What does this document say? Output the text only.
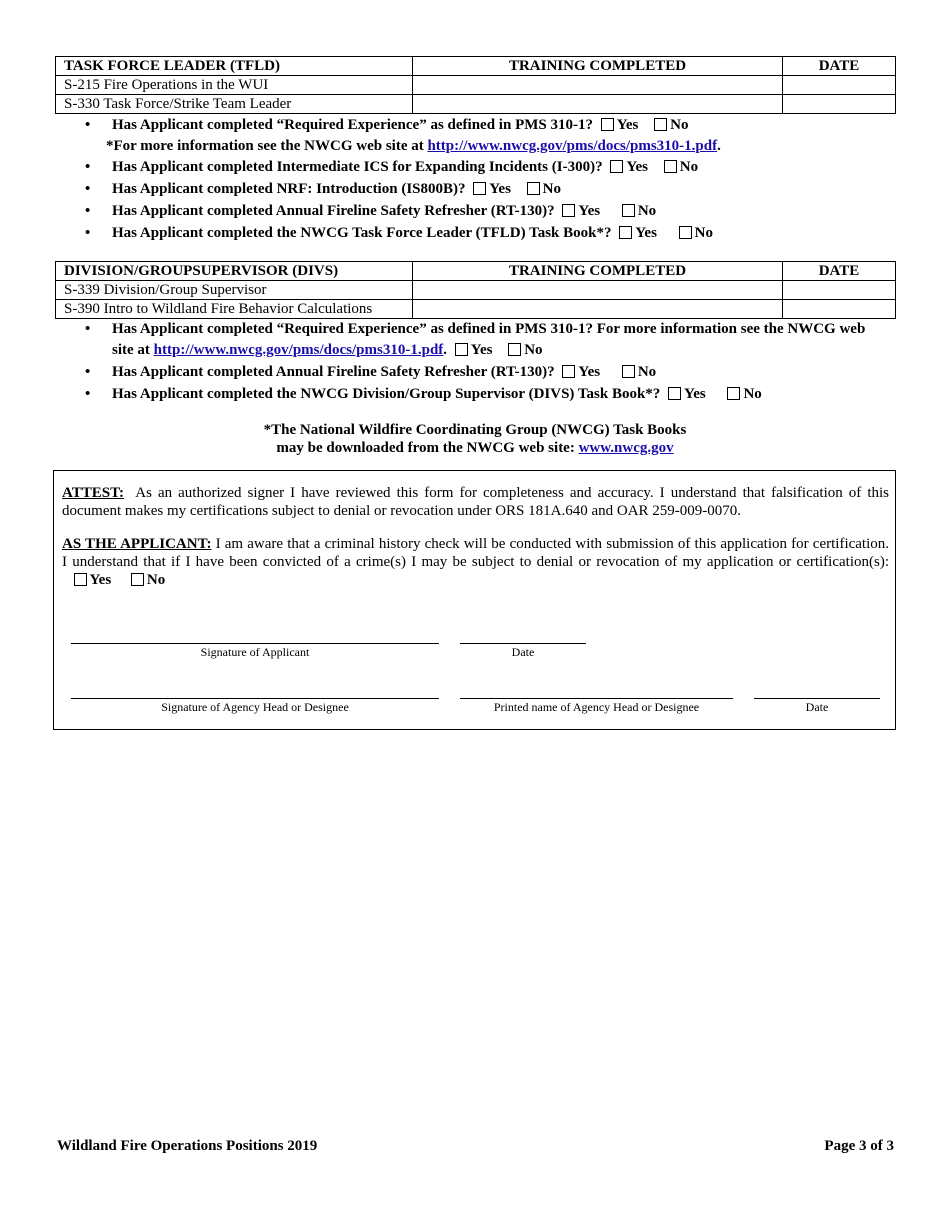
TASK FORCE LEADER (TFLD)	TRAINING COMPLETED	DATE
S-215 Fire Operations in the WUI		
S-330 Task Force/Strike Team Leader		
• Has Applicant completed “Required Experience” as defined in PMS 310-1? Yes No
*For more information see the NWCG web site at http://www.nwcg.gov/pms/docs/pms310-1.pdf.
• Has Applicant completed Intermediate ICS for Expanding Incidents (I-300)? Yes No
• Has Applicant completed NRF: Introduction (IS800B)? Yes No
• Has Applicant completed Annual Fireline Safety Refresher (RT-130)? Yes	No
• Has Applicant completed the NWCG Task Force Leader (TFLD) Task Book*? Yes	No
DIVISION/GROUPSUPERVISOR (DIVS)	TRAINING COMPLETED	DATE
S-339 Division/Group Supervisor		
S-390 Intro to Wildland Fire Behavior Calculations		
• Has Applicant completed “Required Experience” as defined in PMS 310-1? For more information see the NWCG web
site at http://www.nwcg.gov/pms/docs/pms310-1.pdf. Yes No
• Has Applicant completed Annual Fireline Safety Refresher (RT-130)? Yes	No
• Has Applicant completed the NWCG Division/Group Supervisor (DIVS) Task Book*? Yes	No
*The National Wildfire Coordinating Group (NWCG) Task Books
may be downloaded from the NWCG web site: www.nwcg.gov
ATTEST: As an authorized signer I have reviewed this form for completeness and accuracy. I understand that falsification of this document makes my certifications subject to denial or revocation under ORS 181A.640 and OAR 259-009-0070.
AS THE APPLICANT: I am aware that a criminal history check will be conducted with submission of this application for certification. I understand that if I have been convicted of a crime(s) I may be subject to denial or revocation of my application or certification(s):   Yes No
Signature of Applicant	Date
Signature of Agency Head or Designee	Printed name of Agency Head or Designee	Date
Wildland Fire Operations Positions 2019	Page 3 of 3
